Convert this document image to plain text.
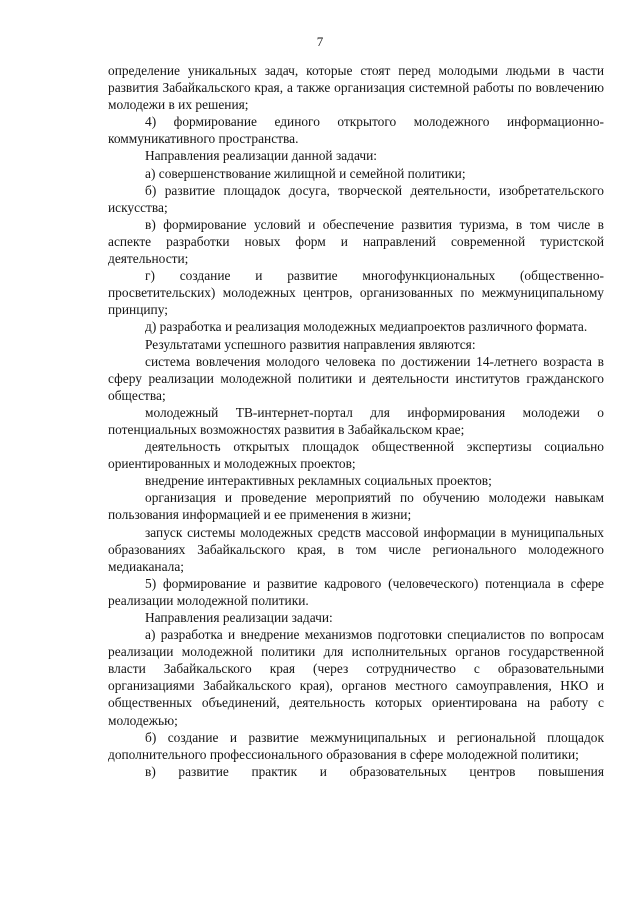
7

определение уникальных задач, которые стоят перед молодыми людьми в части развития Забайкальского края, а также организация системной работы по вовлечению молодежи в их решения;

4) формирование единого открытого молодежного информационно-коммуникативного пространства.

Направления реализации данной задачи:

а) совершенствование жилищной и семейной политики;

б) развитие площадок досуга, творческой деятельности, изобретательского искусства;

в) формирование условий и обеспечение развития туризма, в том числе в аспекте разработки новых форм и направлений современной туристской деятельности;

г) создание и развитие многофункциональных (общественно-просветительских) молодежных центров, организованных по межмуниципальному принципу;

д) разработка и реализация молодежных медиапроектов различного формата.

Результатами успешного развития направления являются:

система вовлечения молодого человека по достижении 14-летнего возраста в сферу реализации молодежной политики и деятельности институтов гражданского общества;

молодежный ТВ-интернет-портал для информирования молодежи о потенциальных возможностях развития в Забайкальском крае;

деятельность открытых площадок общественной экспертизы социально ориентированных и молодежных проектов;

внедрение интерактивных рекламных социальных проектов;

организация и проведение мероприятий по обучению молодежи навыкам пользования информацией и ее применения в жизни;

запуск системы молодежных средств массовой информации в муниципальных образованиях Забайкальского края, в том числе регионального молодежного медиаканала;

5) формирование и развитие кадрового (человеческого) потенциала в сфере реализации молодежной политики.

Направления реализации задачи:

а) разработка и внедрение механизмов подготовки специалистов по вопросам реализации молодежной политики для исполнительных органов государственной власти Забайкальского края (через сотрудничество с образовательными организациями Забайкальского края), органов местного самоуправления, НКО и общественных объединений, деятельность которых ориентирована на работу с молодежью;

б) создание и развитие межмуниципальных и региональной площадок дополнительного профессионального образования в сфере молодежной политики;

в) развитие практик и образовательных центров повышения
